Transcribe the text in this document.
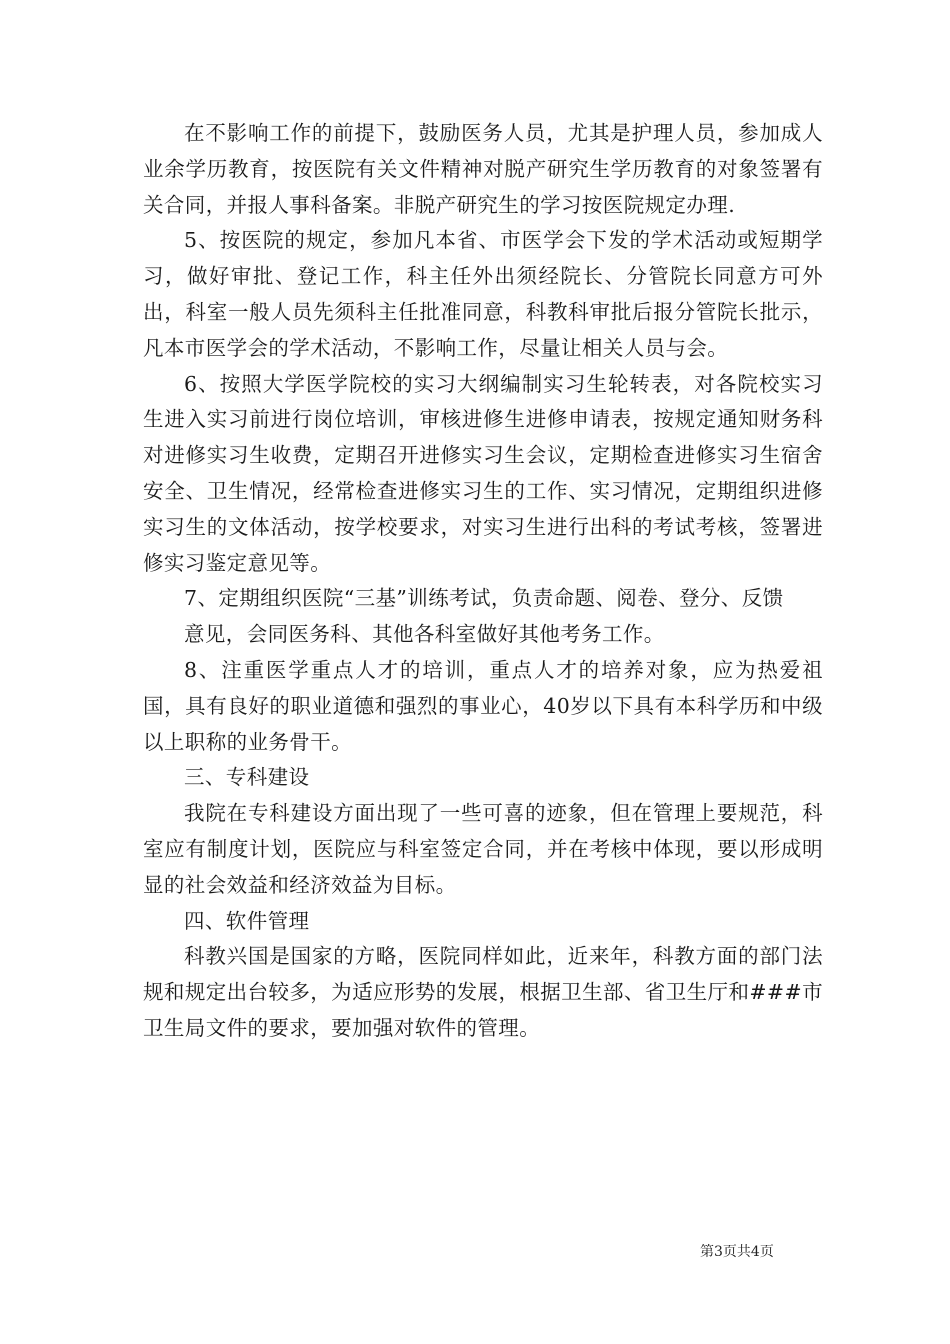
在不影响工作的前提下，鼓励医务人员，尤其是护理人员，参加成人业余学历教育，按医院有关文件精神对脱产研究生学历教育的对象签署有关合同，并报人事科备案。非脱产研究生的学习按医院规定办理.

5、按医院的规定，参加凡本省、市医学会下发的学术活动或短期学习，做好审批、登记工作，科主任外出须经院长、分管院长同意方可外出，科室一般人员先须科主任批准同意，科教科审批后报分管院长批示，凡本市医学会的学术活动，不影响工作，尽量让相关人员与会。

6、按照大学医学院校的实习大纲编制实习生轮转表，对各院校实习生进入实习前进行岗位培训，审核进修生进修申请表，按规定通知财务科对进修实习生收费，定期召开进修实习生会议，定期检查进修实习生宿舍安全、卫生情况，经常检查进修实习生的工作、实习情况，定期组织进修实习生的文体活动，按学校要求，对实习生进行出科的考试考核，签署进修实习鉴定意见等。

7、定期组织医院“三基”训练考试，负责命题、阅卷、登分、反馈

意见，会同医务科、其他各科室做好其他考务工作。

8、注重医学重点人才的培训，重点人才的培养对象，应为热爱祖国，具有良好的职业道德和强烈的事业心，40岁以下具有本科学历和中级以上职称的业务骨干。

三、专科建设

我院在专科建设方面出现了一些可喜的迹象，但在管理上要规范，科室应有制度计划，医院应与科室签定合同，并在考核中体现，要以形成明显的社会效益和经济效益为目标。

四、软件管理

科教兴国是国家的方略，医院同样如此，近来年，科教方面的部门法规和规定出台较多，为适应形势的发展，根据卫生部、省卫生厅和###市卫生局文件的要求，要加强对软件的管理。

第3页共4页
